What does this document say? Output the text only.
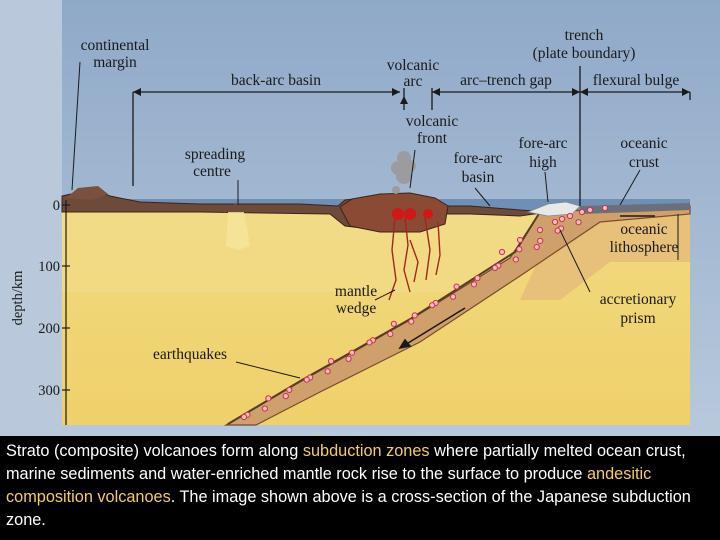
0
100
200
300
depth/km
continental
margin
trench
(plate boundary)
volcanic
arc
back-arc basin	arc–trench gap	flexural bulge
volcanic
front
spreading
centre
fore-arc
basin
fore-arc
high
oceanic
crust
oceanic
lithosphere
mantle
wedge
accretionary
prism
earthquakes
Strato (composite) volcanoes form along subduction zones where partially melted ocean crust, marine sediments and water-enriched mantle rock rise to the surface to produce andesitic composition volcanoes. The image shown above is a cross-section of the Japanese subduction zone.
